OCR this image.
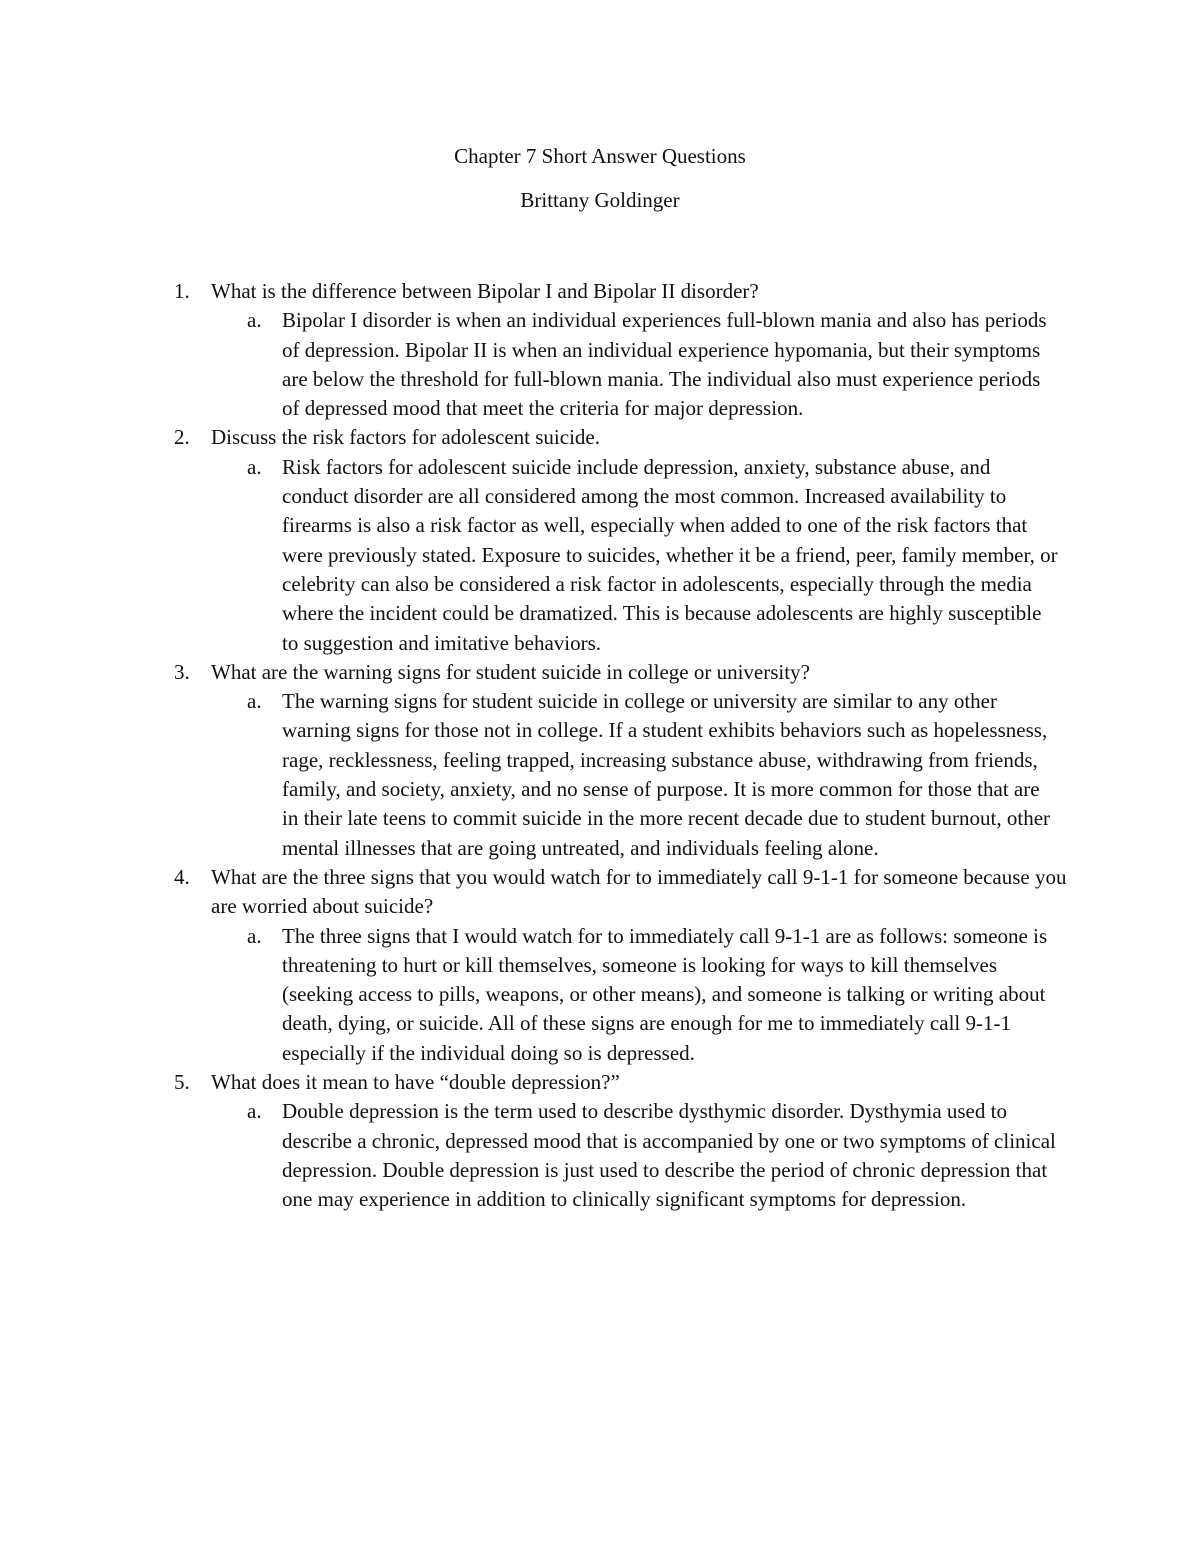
Chapter 7 Short Answer Questions
Brittany Goldinger
1. What is the difference between Bipolar I and Bipolar II disorder?
a. Bipolar I disorder is when an individual experiences full-blown mania and also has periods of depression. Bipolar II is when an individual experience hypomania, but their symptoms are below the threshold for full-blown mania. The individual also must experience periods of depressed mood that meet the criteria for major depression.
2. Discuss the risk factors for adolescent suicide.
a. Risk factors for adolescent suicide include depression, anxiety, substance abuse, and conduct disorder are all considered among the most common. Increased availability to firearms is also a risk factor as well, especially when added to one of the risk factors that were previously stated. Exposure to suicides, whether it be a friend, peer, family member, or celebrity can also be considered a risk factor in adolescents, especially through the media where the incident could be dramatized. This is because adolescents are highly susceptible to suggestion and imitative behaviors.
3. What are the warning signs for student suicide in college or university?
a. The warning signs for student suicide in college or university are similar to any other warning signs for those not in college. If a student exhibits behaviors such as hopelessness, rage, recklessness, feeling trapped, increasing substance abuse, withdrawing from friends, family, and society, anxiety, and no sense of purpose. It is more common for those that are in their late teens to commit suicide in the more recent decade due to student burnout, other mental illnesses that are going untreated, and individuals feeling alone.
4. What are the three signs that you would watch for to immediately call 9-1-1 for someone because you are worried about suicide?
a. The three signs that I would watch for to immediately call 9-1-1 are as follows: someone is threatening to hurt or kill themselves, someone is looking for ways to kill themselves (seeking access to pills, weapons, or other means), and someone is talking or writing about death, dying, or suicide. All of these signs are enough for me to immediately call 9-1-1 especially if the individual doing so is depressed.
5. What does it mean to have “double depression?”
a. Double depression is the term used to describe dysthymic disorder. Dysthymia used to describe a chronic, depressed mood that is accompanied by one or two symptoms of clinical depression. Double depression is just used to describe the period of chronic depression that one may experience in addition to clinically significant symptoms for depression.
